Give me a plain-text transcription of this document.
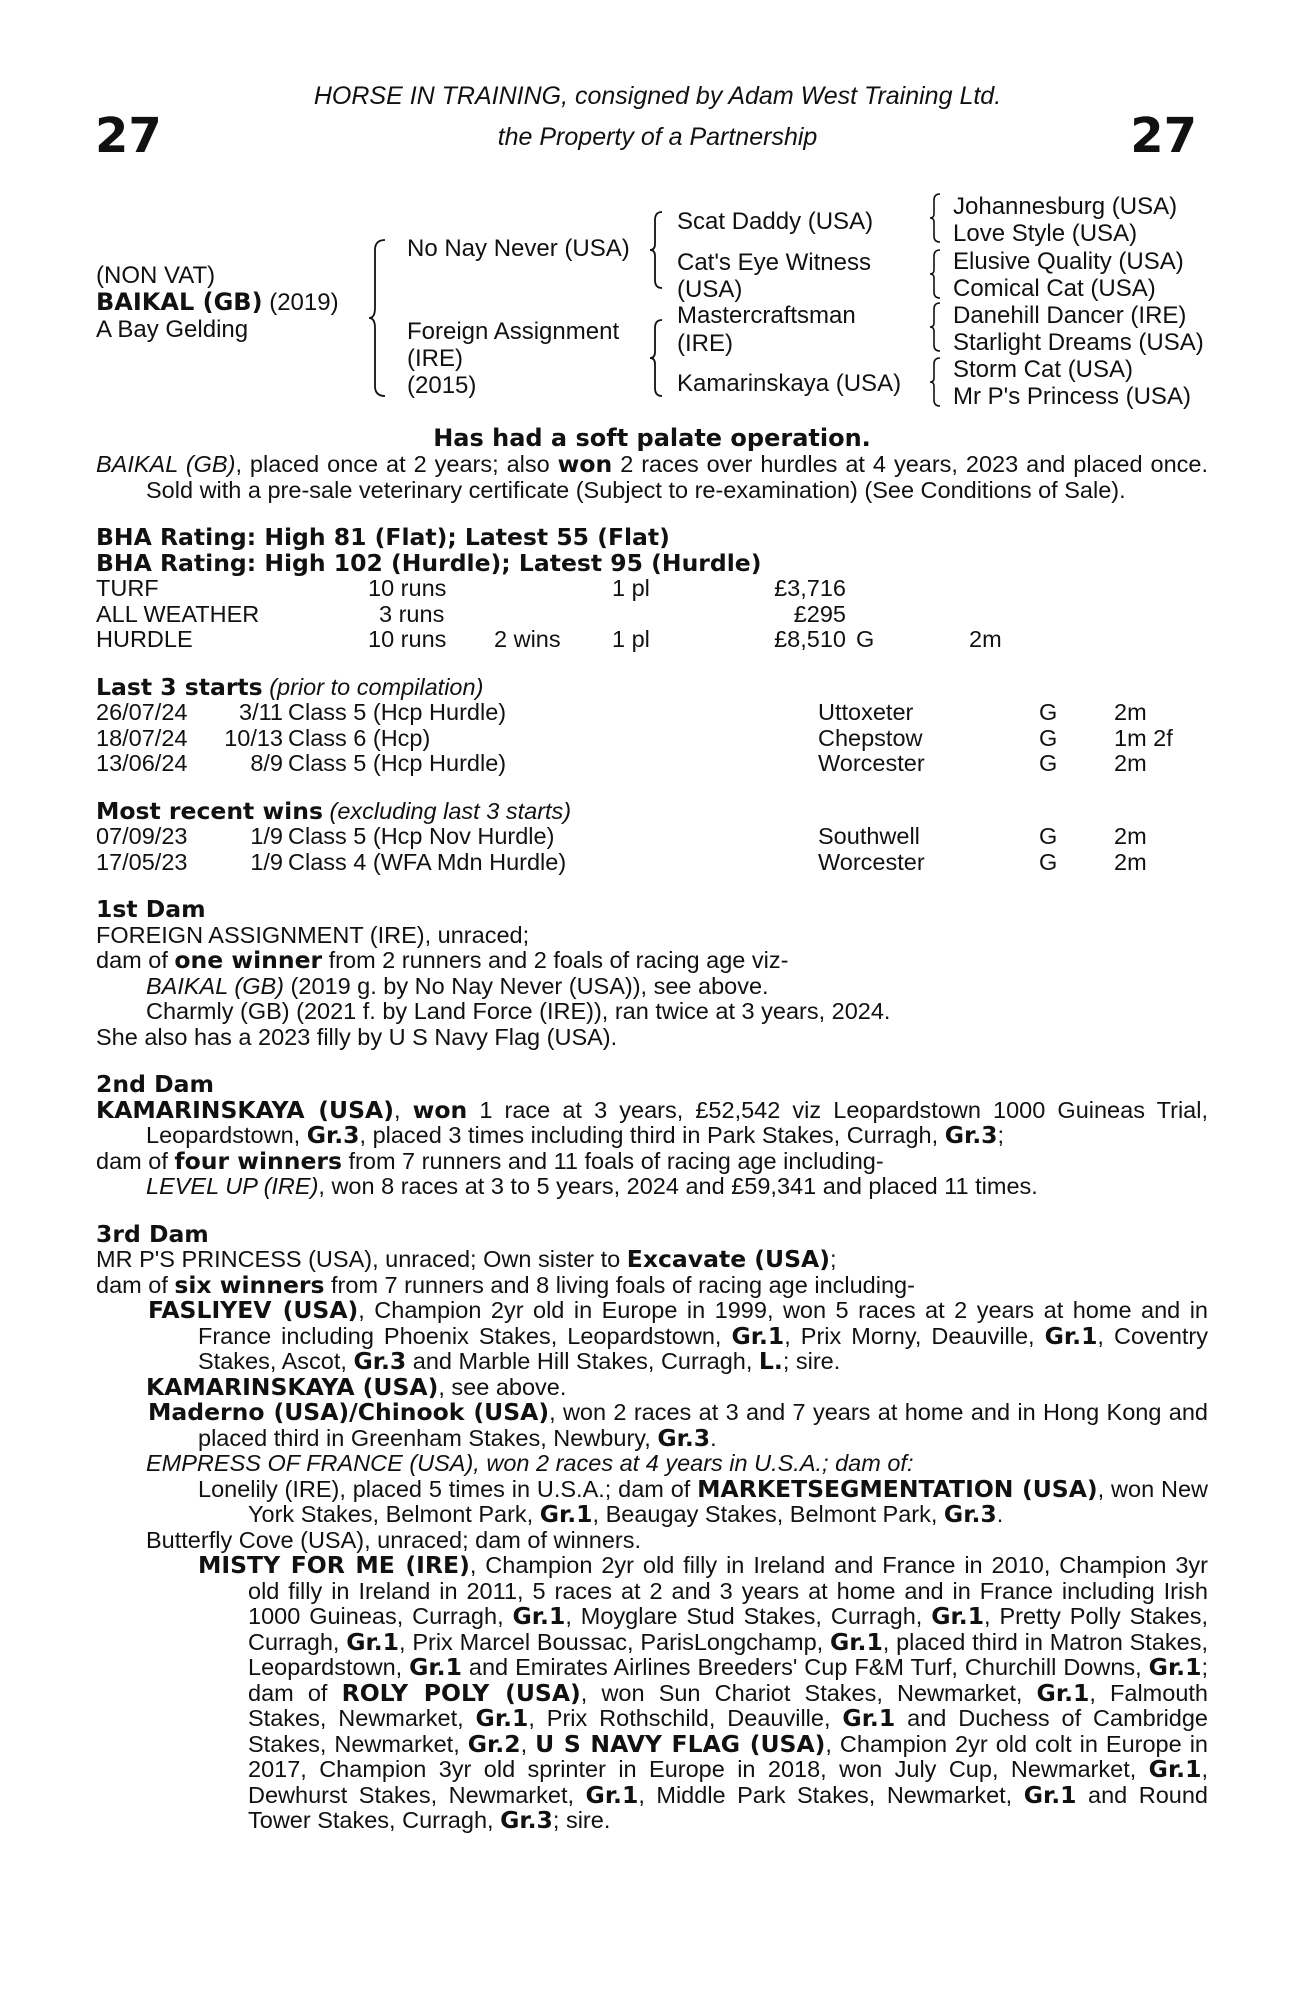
27	27
HORSE IN TRAINING, consigned by Adam West Training Ltd.
the Property of a Partnership
(NON VAT)
BAIKAL (GB) (2019)
A Bay Gelding
No Nay Never (USA)
Foreign Assignment
(IRE)
(2015)
Scat Daddy (USA)
Cat's Eye Witness
(USA)
Mastercraftsman
(IRE)
Kamarinskaya (USA)
Johannesburg (USA)
Love Style (USA)
Elusive Quality (USA)
Comical Cat (USA)
Danehill Dancer (IRE)
Starlight Dreams (USA)
Storm Cat (USA)
Mr P's Princess (USA)
Has had a soft palate operation.
BAIKAL (GB), placed once at 2 years; also won 2 races over hurdles at 4 years, 2023 and placed once. Sold with a pre-sale veterinary certificate (Subject to re-examination) (See Conditions of Sale).
BHA Rating: High 81 (Flat); Latest 55 (Flat)
BHA Rating: High 102 (Hurdle); Latest 95 (Hurdle)
TURF	10 runs	1 pl	£3,716
ALL WEATHER	3 runs	£295
HURDLE	10 runs 2 wins 1 pl	£8,510 G	2m
Last 3 starts (prior to compilation)
26/07/24 3/11 Class 5 (Hcp Hurdle)	Uttoxeter	G 2m
18/07/24 10/13 Class 6 (Hcp)	Chepstow	G 1m 2f
13/06/24	8/9 Class 5 (Hcp Hurdle)	Worcester	G 2m
Most recent wins (excluding last 3 starts)
07/09/23	1/9 Class 5 (Hcp Nov Hurdle)	Southwell	G 2m
17/05/23	1/9 Class 4 (WFA Mdn Hurdle)	Worcester	G 2m
1st Dam
FOREIGN ASSIGNMENT (IRE), unraced;
dam of one winner from 2 runners and 2 foals of racing age viz-
BAIKAL (GB) (2019 g. by No Nay Never (USA)), see above.
Charmly (GB) (2021 f. by Land Force (IRE)), ran twice at 3 years, 2024.
She also has a 2023 filly by U S Navy Flag (USA).
2nd Dam
KAMARINSKAYA (USA), won 1 race at 3 years, £52,542 viz Leopardstown 1000 Guineas Trial, Leopardstown, Gr.3, placed 3 times including third in Park Stakes, Curragh, Gr.3;
dam of four winners from 7 runners and 11 foals of racing age including-
LEVEL UP (IRE), won 8 races at 3 to 5 years, 2024 and £59,341 and placed 11 times.
3rd Dam
MR P'S PRINCESS (USA), unraced; Own sister to Excavate (USA);
dam of six winners from 7 runners and 8 living foals of racing age including-
FASLIYEV (USA), Champion 2yr old in Europe in 1999, won 5 races at 2 years at home and in France including Phoenix Stakes, Leopardstown, Gr.1, Prix Morny, Deauville, Gr.1, Coventry Stakes, Ascot, Gr.3 and Marble Hill Stakes, Curragh, L.; sire.
KAMARINSKAYA (USA), see above.
Maderno (USA)/Chinook (USA), won 2 races at 3 and 7 years at home and in Hong Kong and placed third in Greenham Stakes, Newbury, Gr.3.
EMPRESS OF FRANCE (USA), won 2 races at 4 years in U.S.A.; dam of:
Lonelily (IRE), placed 5 times in U.S.A.; dam of MARKETSEGMENTATION (USA), won New York Stakes, Belmont Park, Gr.1, Beaugay Stakes, Belmont Park, Gr.3.
Butterfly Cove (USA), unraced; dam of winners.
MISTY FOR ME (IRE), Champion 2yr old filly in Ireland and France in 2010, Champion 3yr old filly in Ireland in 2011, 5 races at 2 and 3 years at home and in France including Irish 1000 Guineas, Curragh, Gr.1, Moyglare Stud Stakes, Curragh, Gr.1, Pretty Polly Stakes, Curragh, Gr.1, Prix Marcel Boussac, ParisLongchamp, Gr.1, placed third in Matron Stakes, Leopardstown, Gr.1 and Emirates Airlines Breeders' Cup F&M Turf, Churchill Downs, Gr.1; dam of ROLY POLY (USA), won Sun Chariot Stakes, Newmarket, Gr.1, Falmouth Stakes, Newmarket, Gr.1, Prix Rothschild, Deauville, Gr.1 and Duchess of Cambridge Stakes, Newmarket, Gr.2, U S NAVY FLAG (USA), Champion 2yr old colt in Europe in 2017, Champion 3yr old sprinter in Europe in 2018, won July Cup, Newmarket, Gr.1, Dewhurst Stakes, Newmarket, Gr.1, Middle Park Stakes, Newmarket, Gr.1 and Round Tower Stakes, Curragh, Gr.3; sire.
